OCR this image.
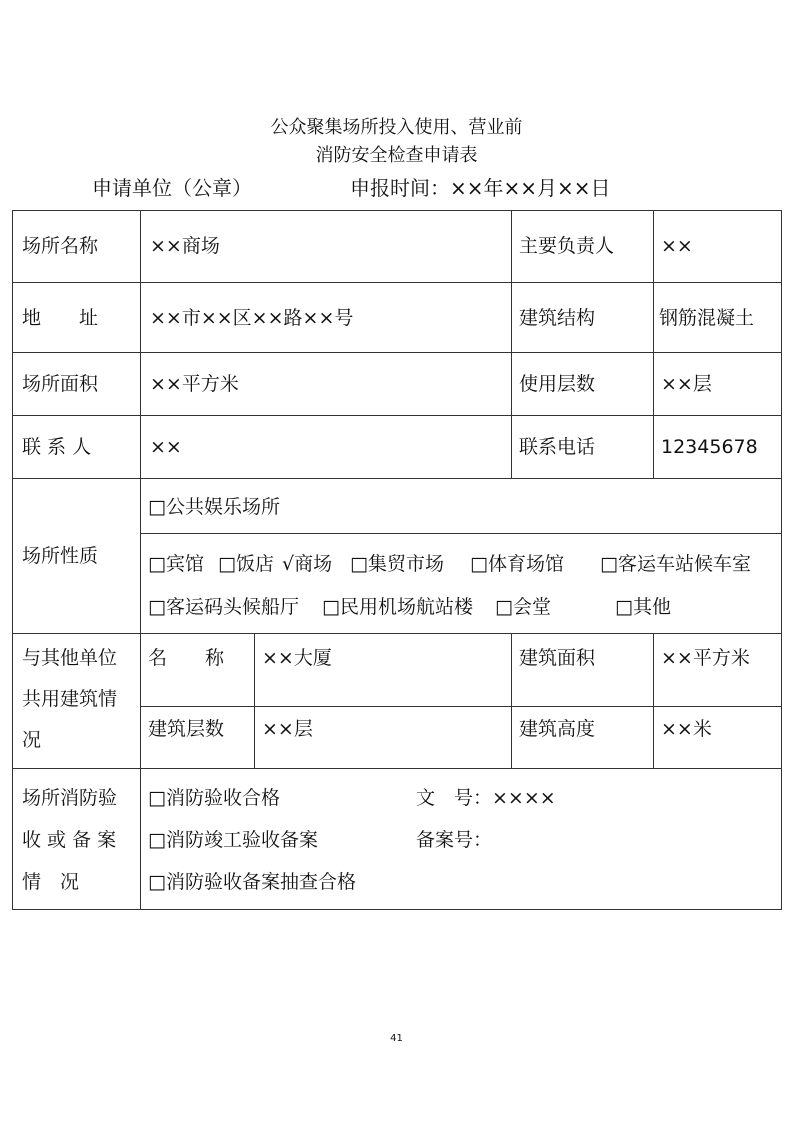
公众聚集场所投入使用、营业前
消防安全检查申请表
申请单位（公章）	申报时间：××年××月××日
场所名称	××商场	主要负责人 ××
地　　址	××市××区××路××号	建筑结构	钢筋混凝土
场所面积	××平方米	使用层数	××层
联 系 人	××	联系电话	12345678
场所性质
□公共娱乐场所
□宾馆 □饭店 √商场 □集贸市场 □体育场馆 □客运车站候车室
□客运码头候船厅 □民用机场航站楼 □会堂	□其他
与其他单位
共用建筑情
况
名　　称 ××大厦	建筑面积	××平方米
建筑层数 ××层	建筑高度	××米
场所消防验
收 或 备 案
情　况
□消防验收合格	文　号：××××
□消防竣工验收备案	备案号：
□消防验收备案抽查合格
41
